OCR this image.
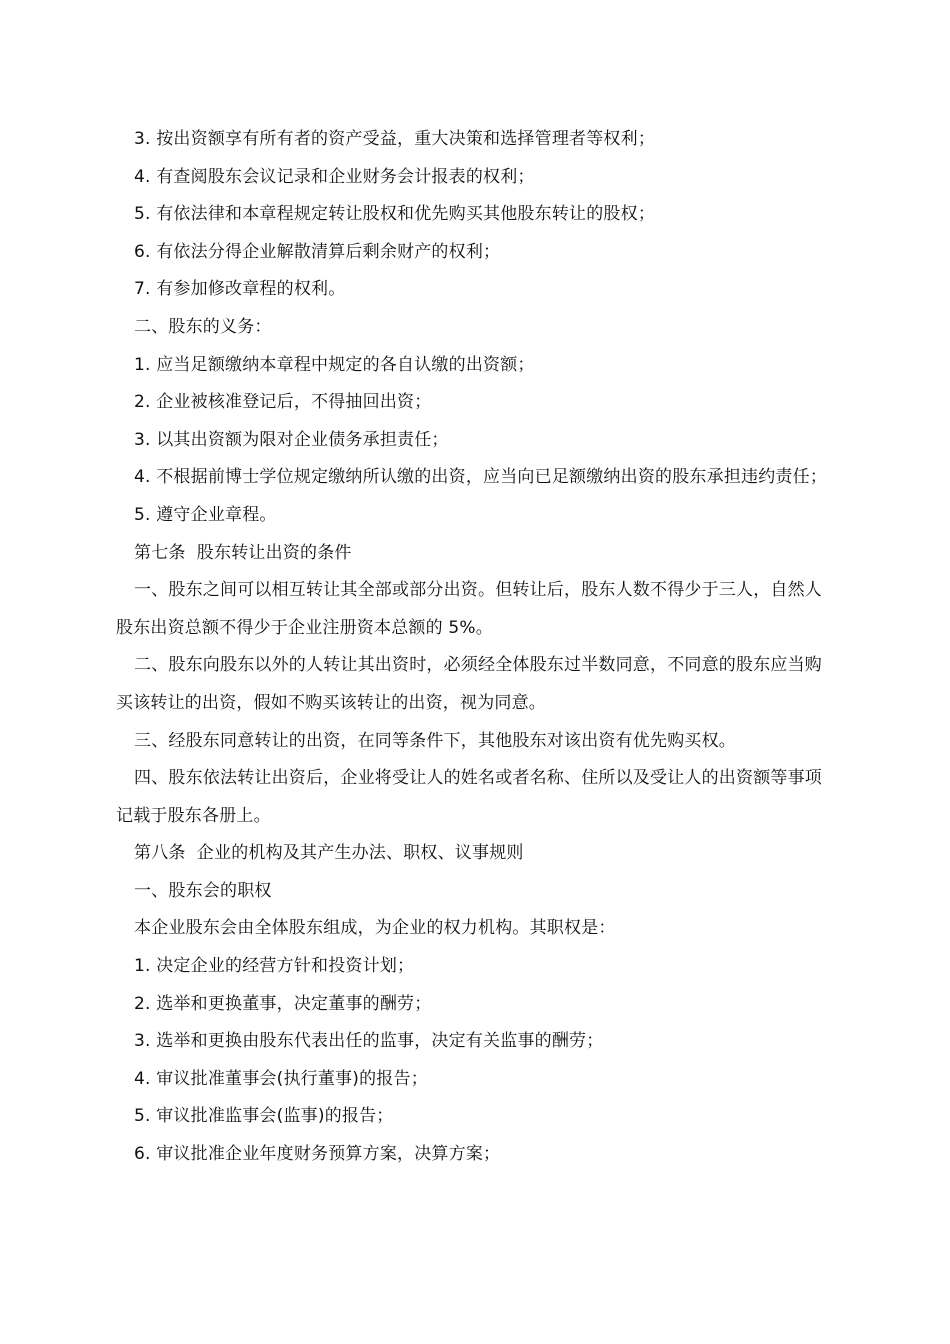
3. 按出资额享有所有者的资产受益，重大决策和选择管理者等权利；

4. 有查阅股东会议记录和企业财务会计报表的权利；

5. 有依法律和本章程规定转让股权和优先购买其他股东转让的股权；

6. 有依法分得企业解散清算后剩余财产的权利；

7. 有参加修改章程的权利。

二、股东的义务：

1. 应当足额缴纳本章程中规定的各自认缴的出资额；

2. 企业被核准登记后，不得抽回出资；

3. 以其出资额为限对企业债务承担责任；

4. 不根据前博士学位规定缴纳所认缴的出资，应当向已足额缴纳出资的股东承担违约责任；

5. 遵守企业章程。

第七条  股东转让出资的条件

一、股东之间可以相互转让其全部或部分出资。但转让后，股东人数不得少于三人，自然人股东出资总额不得少于企业注册资本总额的 5%。

二、股东向股东以外的人转让其出资时，必须经全体股东过半数同意，不同意的股东应当购买该转让的出资，假如不购买该转让的出资，视为同意。

三、经股东同意转让的出资，在同等条件下，其他股东对该出资有优先购买权。

四、股东依法转让出资后，企业将受让人的姓名或者名称、住所以及受让人的出资额等事项记载于股东各册上。

第八条  企业的机构及其产生办法、职权、议事规则

一、股东会的职权

本企业股东会由全体股东组成，为企业的权力机构。其职权是：

1. 决定企业的经营方针和投资计划；

2. 选举和更换董事，决定董事的酬劳；

3. 选举和更换由股东代表出任的监事，决定有关监事的酬劳；

4. 审议批准董事会(执行董事)的报告；

5. 审议批准监事会(监事)的报告；

6. 审议批准企业年度财务预算方案，决算方案；
